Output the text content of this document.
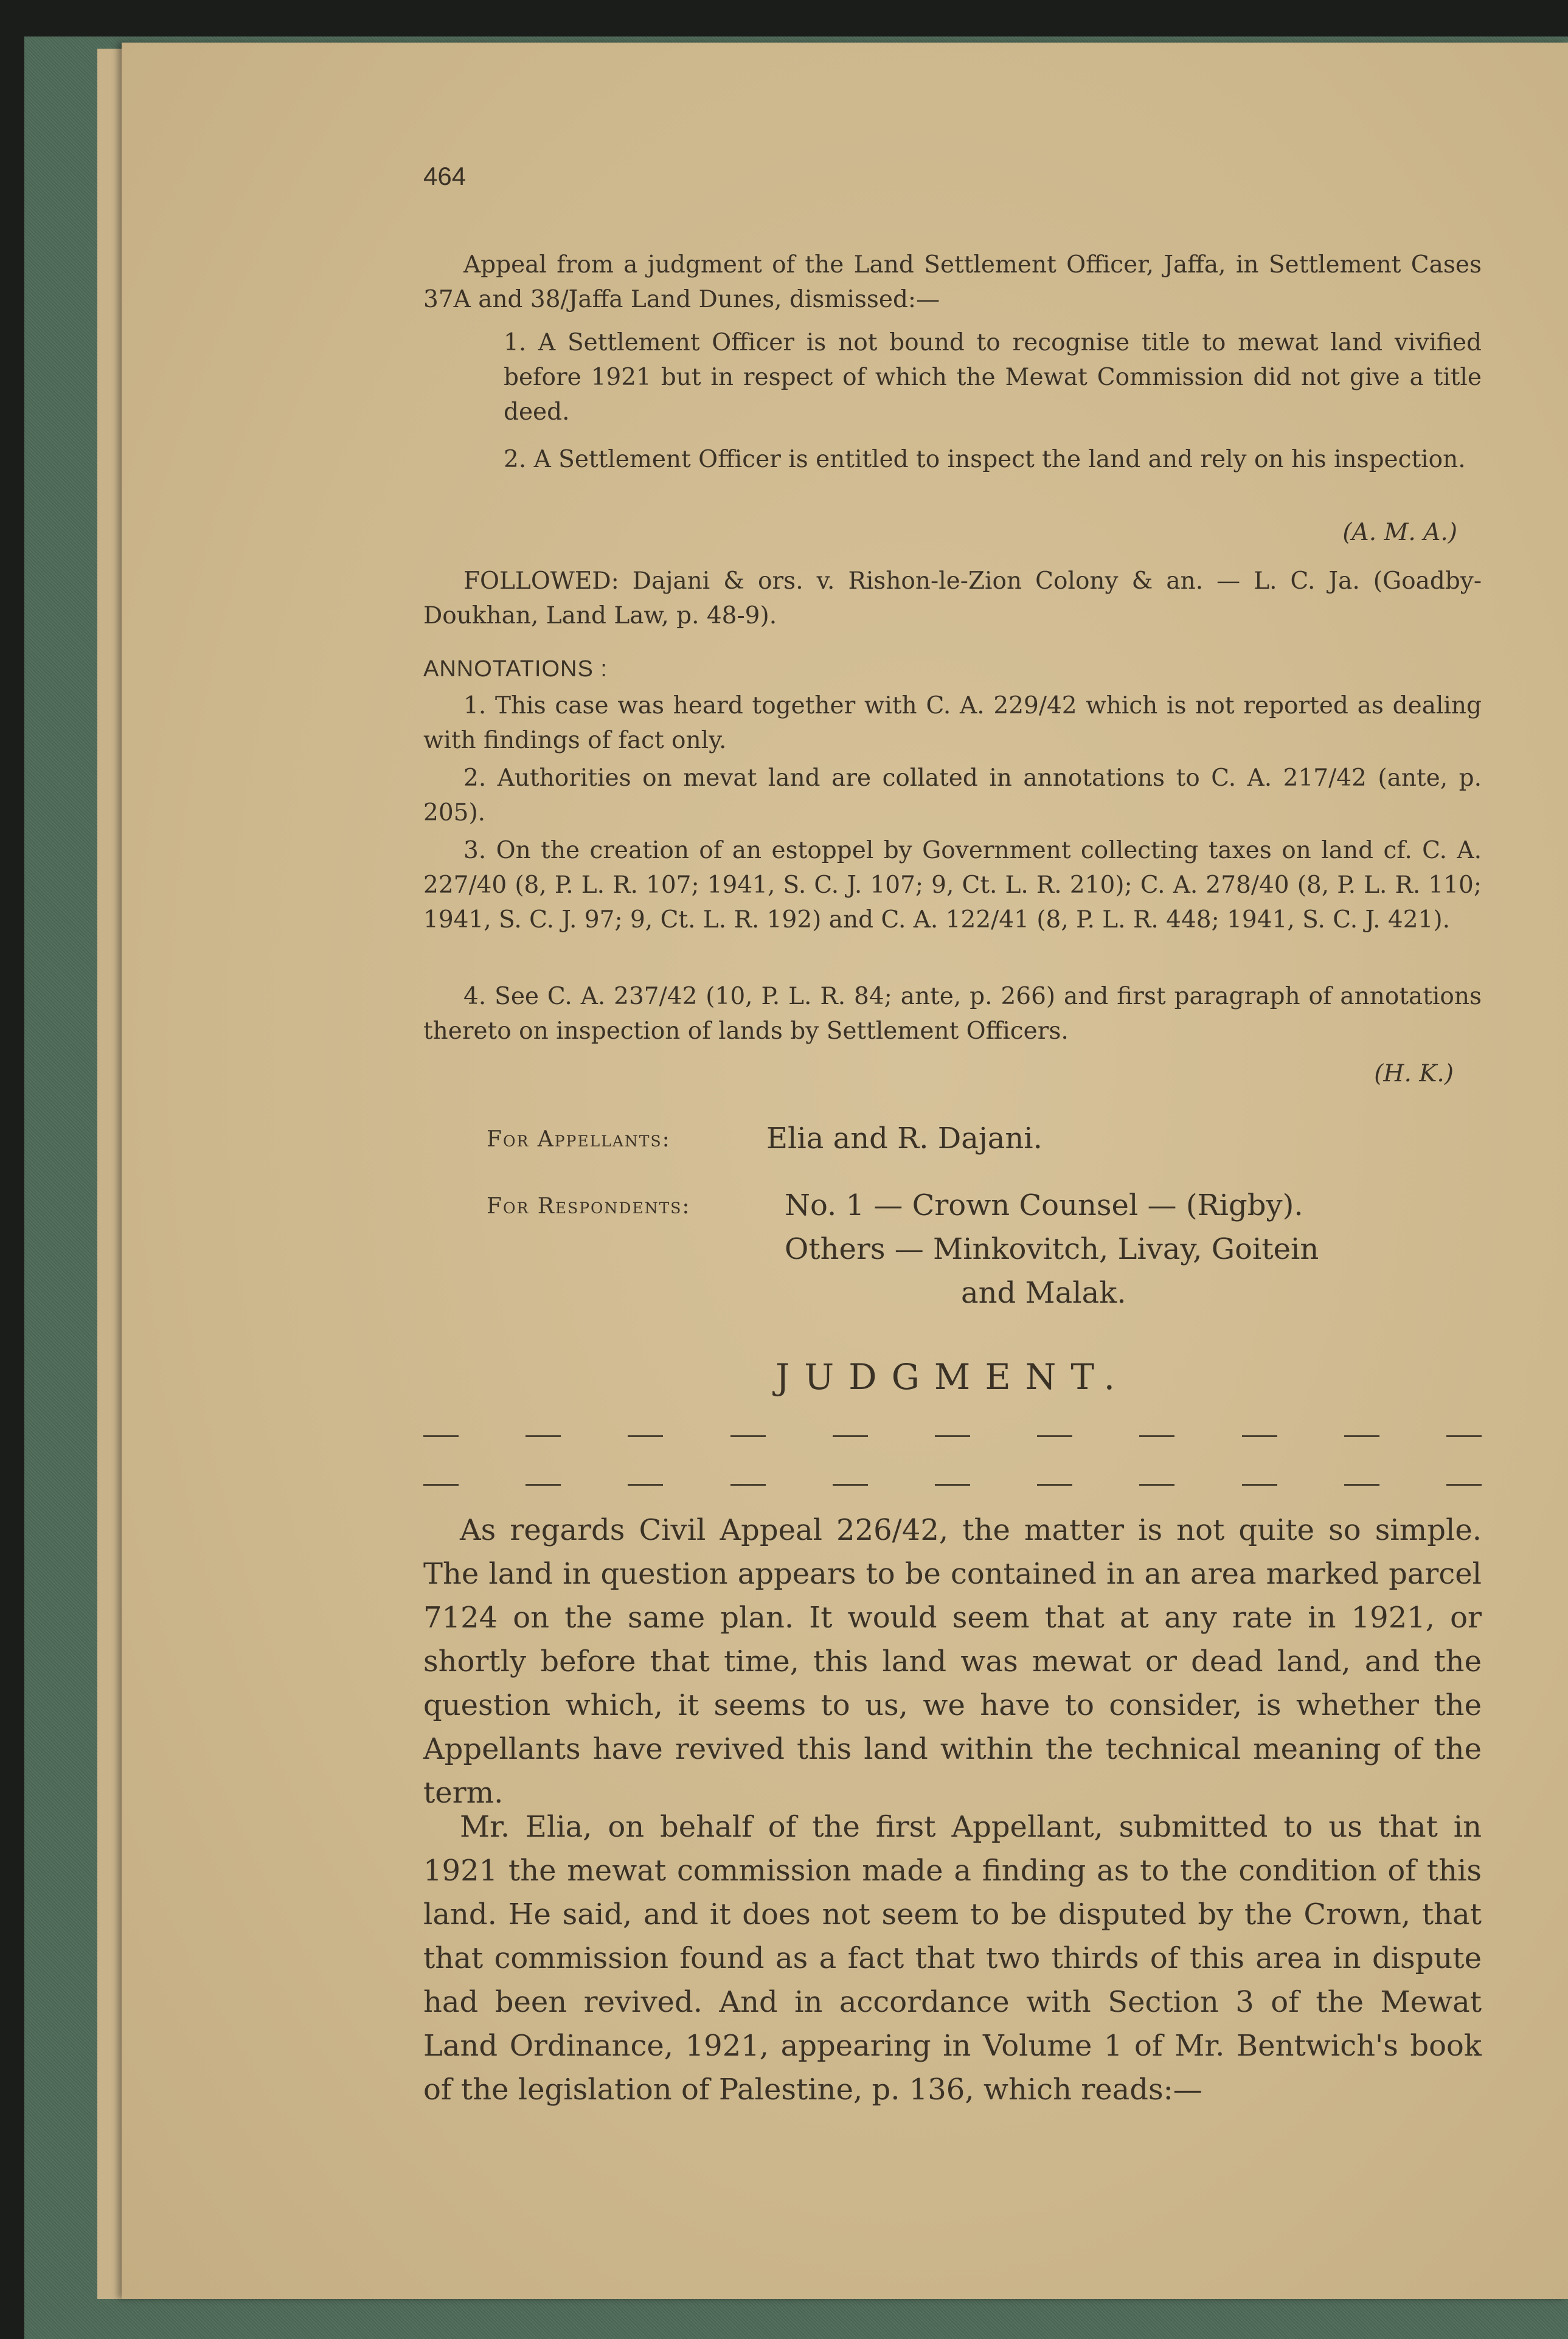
464
Appeal from a judgment of the Land Settlement Officer, Jaffa, in Settlement Cases 37A and 38/Jaffa Land Dunes, dismissed:—
1. A Settlement Officer is not bound to recognise title to mewat land vivified before 1921 but in respect of which the Mewat Commission did not give a title deed.
2. A Settlement Officer is entitled to inspect the land and rely on his inspection.
(A. M. A.)
FOLLOWED: Dajani & ors. v. Rishon-le-Zion Colony & an. — L. C. Ja. (Goadby-Doukhan, Land Law, p. 48-9).
ANNOTATIONS :
1. This case was heard together with C. A. 229/42 which is not reported as dealing with findings of fact only.
2. Authorities on mevat land are collated in annotations to C. A. 217/42 (ante, p. 205).
3. On the creation of an estoppel by Government collecting taxes on land cf. C. A. 227/40 (8, P. L. R. 107; 1941, S. C. J. 107; 9, Ct. L. R. 210); C. A. 278/40 (8, P. L. R. 110; 1941, S. C. J. 97; 9, Ct. L. R. 192) and C. A. 122/41 (8, P. L. R. 448; 1941, S. C. J. 421).
4. See C. A. 237/42 (10, P. L. R. 84; ante, p. 266) and first paragraph of annotations thereto on inspection of lands by Settlement Officers.
(H. K.)
For Appellants:	Elia and R. Dajani.
For Respondents:	No. 1 — Crown Counsel — (Rigby).
Others — Minkovitch, Livay, Goitein
and Malak.
JUDGMENT.
As regards Civil Appeal 226/42, the matter is not quite so simple. The land in question appears to be contained in an area marked parcel 7124 on the same plan. It would seem that at any rate in 1921, or shortly before that time, this land was mewat or dead land, and the question which, it seems to us, we have to consider, is whether the Appellants have revived this land within the technical meaning of the term.
Mr. Elia, on behalf of the first Appellant, submitted to us that in 1921 the mewat commission made a finding as to the condition of this land. He said, and it does not seem to be disputed by the Crown, that that commission found as a fact that two thirds of this area in dispute had been revived. And in accordance with Section 3 of the Mewat Land Ordinance, 1921, appearing in Volume 1 of Mr. Bentwich's book of the legislation of Palestine, p. 136, which reads:—
